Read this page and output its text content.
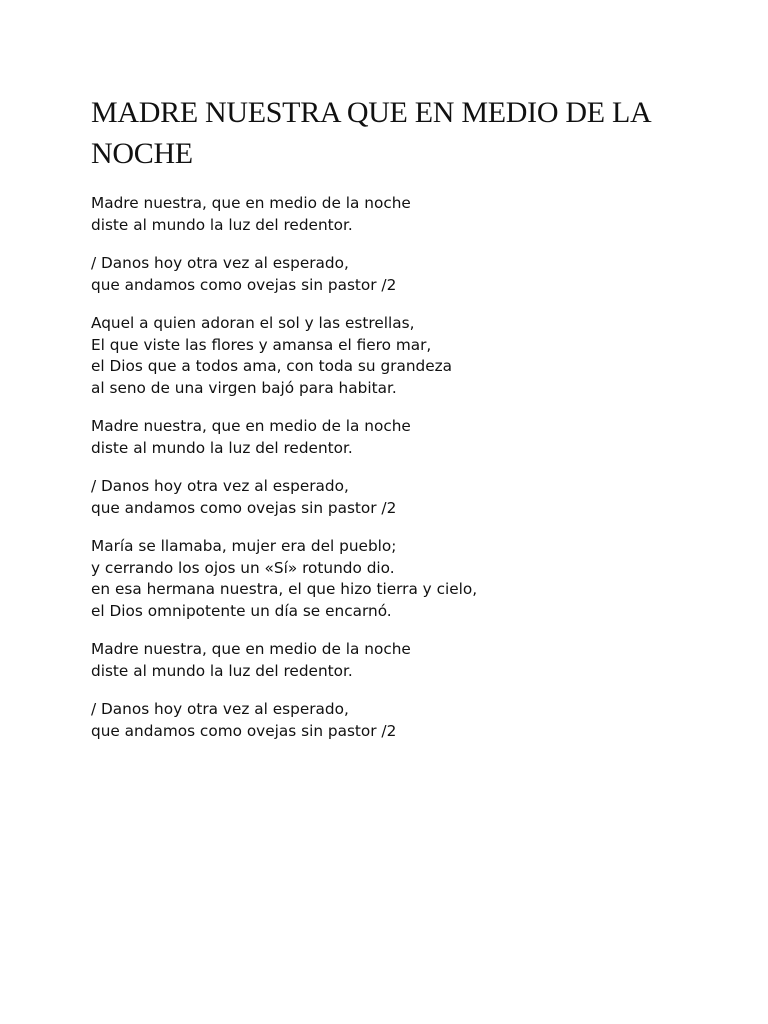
MADRE NUESTRA QUE EN MEDIO DE LA NOCHE
Madre nuestra, que en medio de la noche
diste al mundo la luz del redentor.
/ Danos hoy otra vez al esperado,
que andamos como ovejas sin pastor /2
Aquel a quien adoran el sol y las estrellas,
El que viste las flores y amansa el fiero mar,
el Dios que a todos ama, con toda su grandeza
al seno de una virgen bajó para habitar.
Madre nuestra, que en medio de la noche
diste al mundo la luz del redentor.
/ Danos hoy otra vez al esperado,
que andamos como ovejas sin pastor /2
María se llamaba, mujer era del pueblo;
y cerrando los ojos un «Sí» rotundo dio.
en esa hermana nuestra, el que hizo tierra y cielo,
el Dios omnipotente un día se encarnó.
Madre nuestra, que en medio de la noche
diste al mundo la luz del redentor.
/ Danos hoy otra vez al esperado,
que andamos como ovejas sin pastor /2
